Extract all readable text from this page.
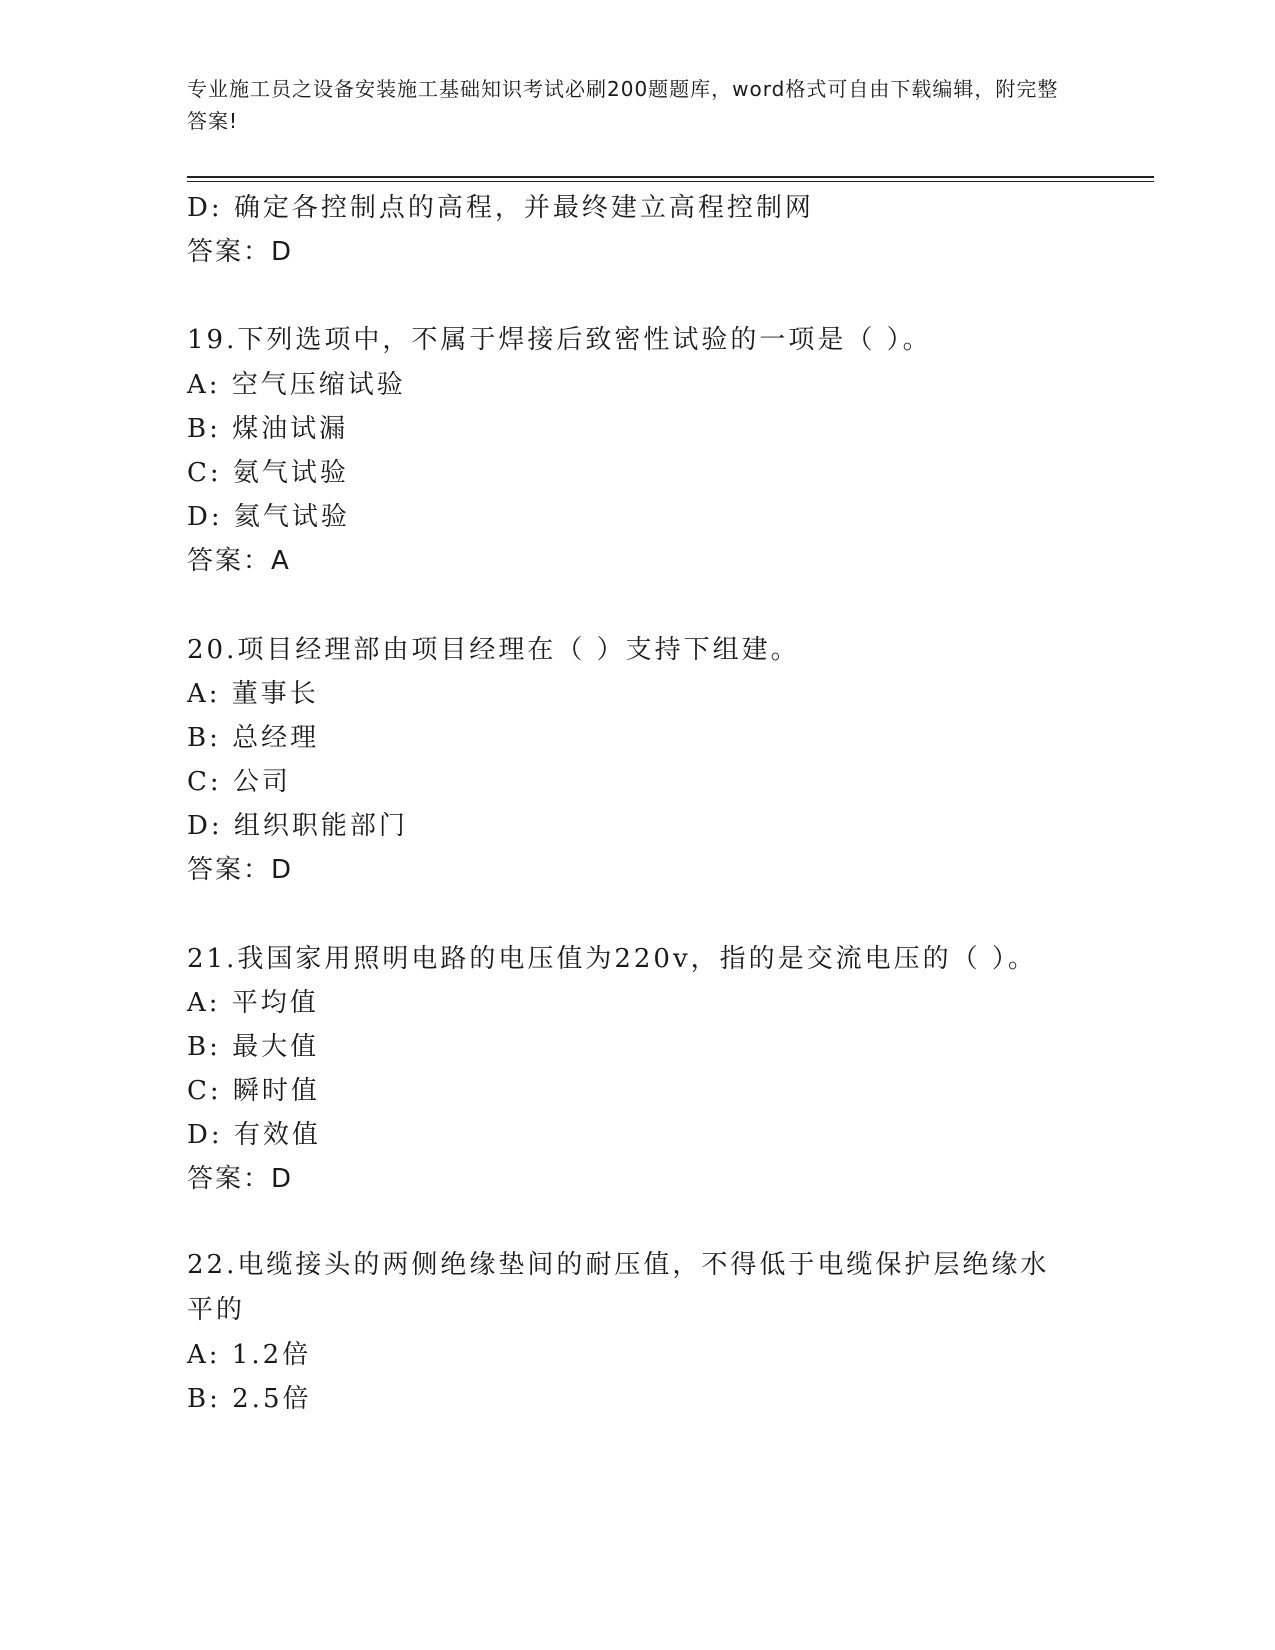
专业施工员之设备安装施工基础知识考试必刷200题题库，word格式可自由下载编辑，附完整答案!
D: 确定各控制点的高程，并最终建立高程控制网
答案：D
19.下列选项中，不属于焊接后致密性试验的一项是（ ）。
A: 空气压缩试验
B: 煤油试漏
C: 氨气试验
D: 氦气试验
答案：A
20.项目经理部由项目经理在（ ）支持下组建。
A: 董事长
B: 总经理
C: 公司
D: 组织职能部门
答案：D
21.我国家用照明电路的电压值为220v，指的是交流电压的（ ）。
A: 平均值
B: 最大值
C: 瞬时值
D: 有效值
答案：D
22.电缆接头的两侧绝缘垫间的耐压值，不得低于电缆保护层绝缘水平的
A: 1.2倍
B: 2.5倍
